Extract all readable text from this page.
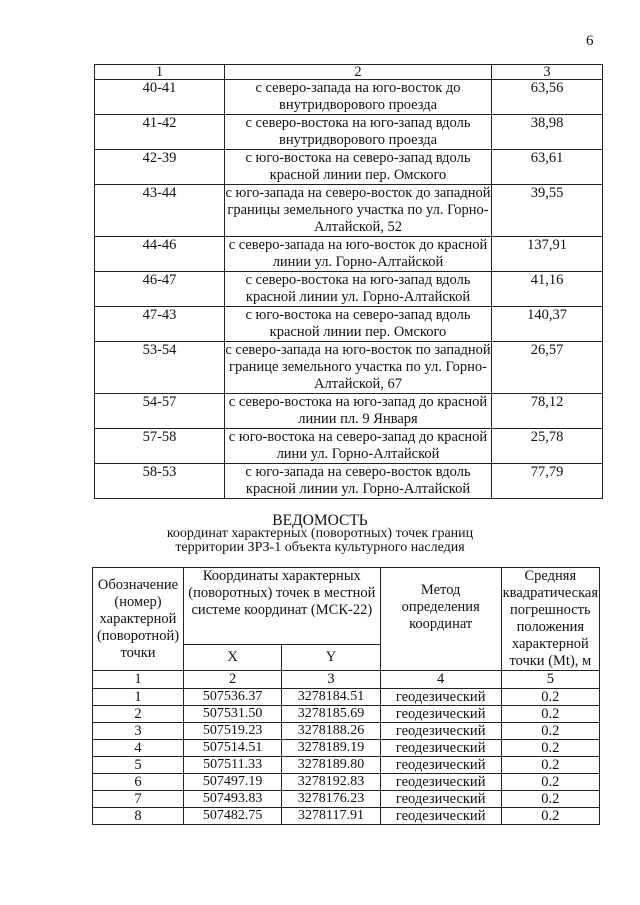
6
1	2	3
40-41	с северо-запада на юго-восток до внутридворового проезда	63,56
41-42	с северо-востока на юго-запад вдоль внутридворового проезда	38,98
42-39	с юго-востока на северо-запад вдоль красной линии пер. Омского	63,61
43-44	с юго-запада на северо-восток до западной границы земельного участка по ул. Горно-Алтайской, 52	39,55
44-46	с северо-запада на юго-восток до красной линии ул. Горно-Алтайской	137,91
46-47	с северо-востока на юго-запад вдоль красной линии ул. Горно-Алтайской	41,16
47-43	с юго-востока на северо-запад вдоль красной линии пер. Омского	140,37
53-54	с северо-запада на юго-восток по западной границе земельного участка по ул. Горно-Алтайской, 67	26,57
54-57	с северо-востока на юго-запад до красной линии пл. 9 Января	78,12
57-58	с юго-востока на северо-запад до красной лини ул. Горно-Алтайской	25,78
58-53	с юго-запада на северо-восток вдоль красной линии ул. Горно-Алтайской	77,79
ВЕДОМОСТЬ
координат характерных (поворотных) точек границ
территории ЗРЗ-1 объекта культурного наследия
Обозначение (номер) характерной (поворотной) точки	Координаты характерных (поворотных) точек в местной системе координат (МСК-22)		Метод определения координат	Средняя квадратическая погрешность положения характерной точки (Mt), м
	X	Y		
1	2	3	4	5
1	507536.37	3278184.51	геодезический	0.2
2	507531.50	3278185.69	геодезический	0.2
3	507519.23	3278188.26	геодезический	0.2
4	507514.51	3278189.19	геодезический	0.2
5	507511.33	3278189.80	геодезический	0.2
6	507497.19	3278192.83	геодезический	0.2
7	507493.83	3278176.23	геодезический	0.2
8	507482.75	3278117.91	геодезический	0.2
